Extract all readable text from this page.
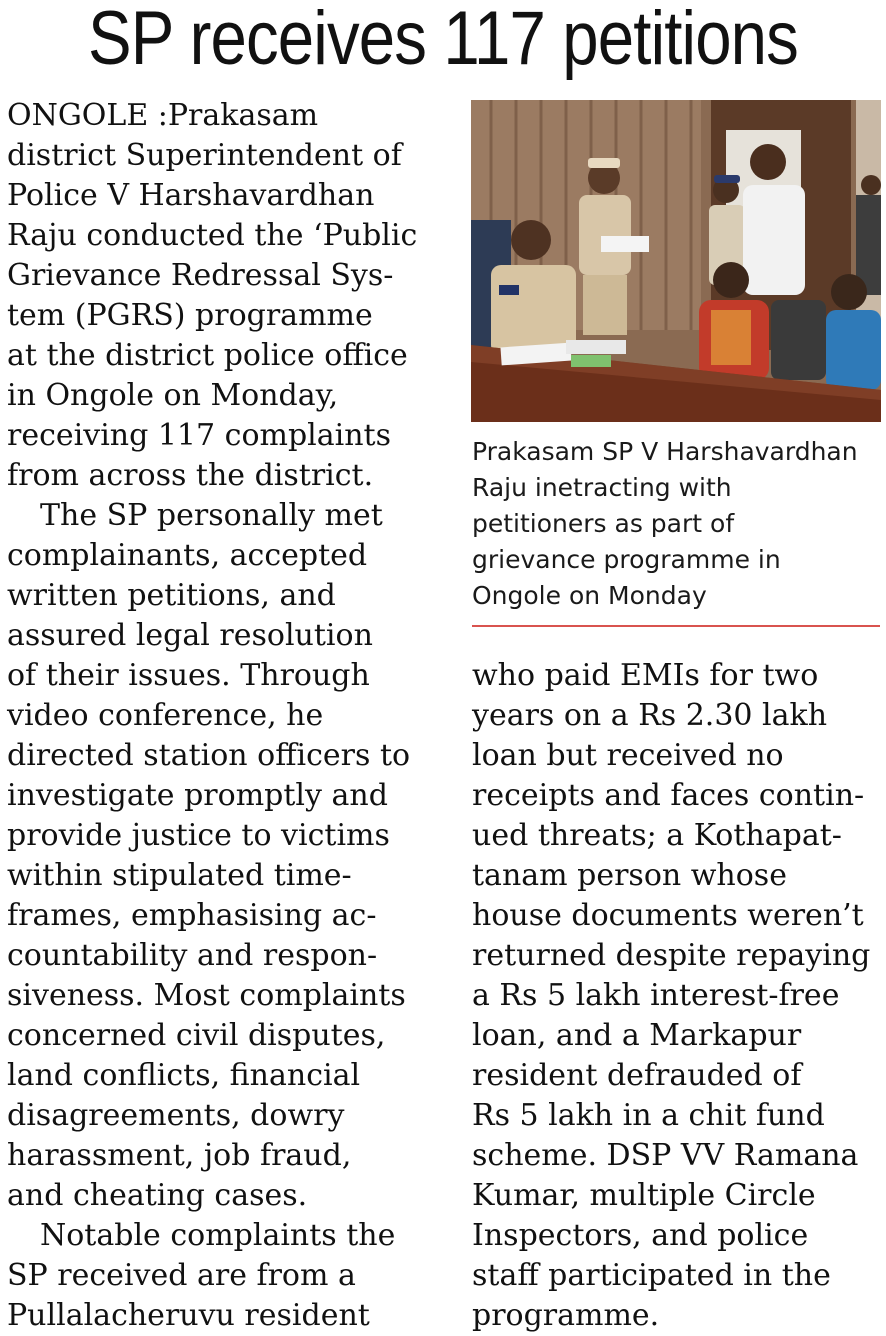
SP receives 117 petitions
ONGOLE :Prakasam
district Superintendent of
Police V Harshavardhan
Raju conducted the ‘Public
Grievance Redressal Sys-
tem (PGRS) programme
at the district police office
in Ongole on Monday,
receiving 117 complaints
from across the district.
The SP personally met
complainants, accepted
written petitions, and
assured legal resolution
of their issues. Through
video conference, he
directed station officers to
investigate promptly and
provide justice to victims
within stipulated time-
frames, emphasising ac-
countability and respon-
siveness. Most complaints
concerned civil disputes,
land conflicts, financial
disagreements, dowry
harassment, job fraud,
and cheating cases.
Notable complaints the
SP received are from a
Pullalacheruvu resident
Prakasam SP V Harshavardhan
Raju inetracting with
petitioners as part of
grievance programme in
Ongole on Monday
who paid EMIs for two
years on a Rs 2.30 lakh
loan but received no
receipts and faces contin-
ued threats; a Kothapat-
tanam person whose
house documents weren’t
returned despite repaying
a Rs 5 lakh interest-free
loan, and a Markapur
resident defrauded of
Rs 5 lakh in a chit fund
scheme. DSP VV Ramana
Kumar, multiple Circle
Inspectors, and police
staff participated in the
programme.
